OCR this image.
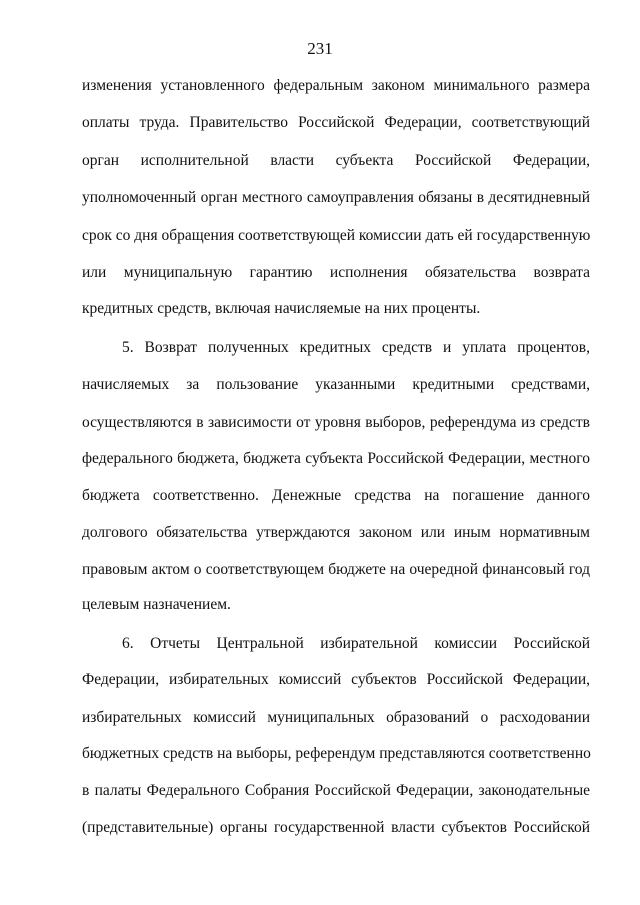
231
изменения установленного федеральным законом минимального размера
оплаты труда. Правительство Российской Федерации, соответствующий
орган исполнительной власти субъекта Российской Федерации,
уполномоченный орган местного самоуправления обязаны в десятидневный
срок со дня обращения соответствующей комиссии дать ей государственную
или муниципальную гарантию исполнения обязательства возврата
кредитных средств, включая начисляемые на них проценты.
5. Возврат полученных кредитных средств и уплата процентов,
начисляемых за пользование указанными кредитными средствами,
осуществляются в зависимости от уровня выборов, референдума из средств
федерального бюджета, бюджета субъекта Российской Федерации, местного
бюджета соответственно. Денежные средства на погашение данного
долгового обязательства утверждаются законом или иным нормативным
правовым актом о соответствующем бюджете на очередной финансовый год
целевым назначением.
6. Отчеты Центральной избирательной комиссии Российской
Федерации, избирательных комиссий субъектов Российской Федерации,
избирательных комиссий муниципальных образований о расходовании
бюджетных средств на выборы, референдум представляются соответственно
в палаты Федерального Собрания Российской Федерации, законодательные
(представительные) органы государственной власти субъектов Российской
